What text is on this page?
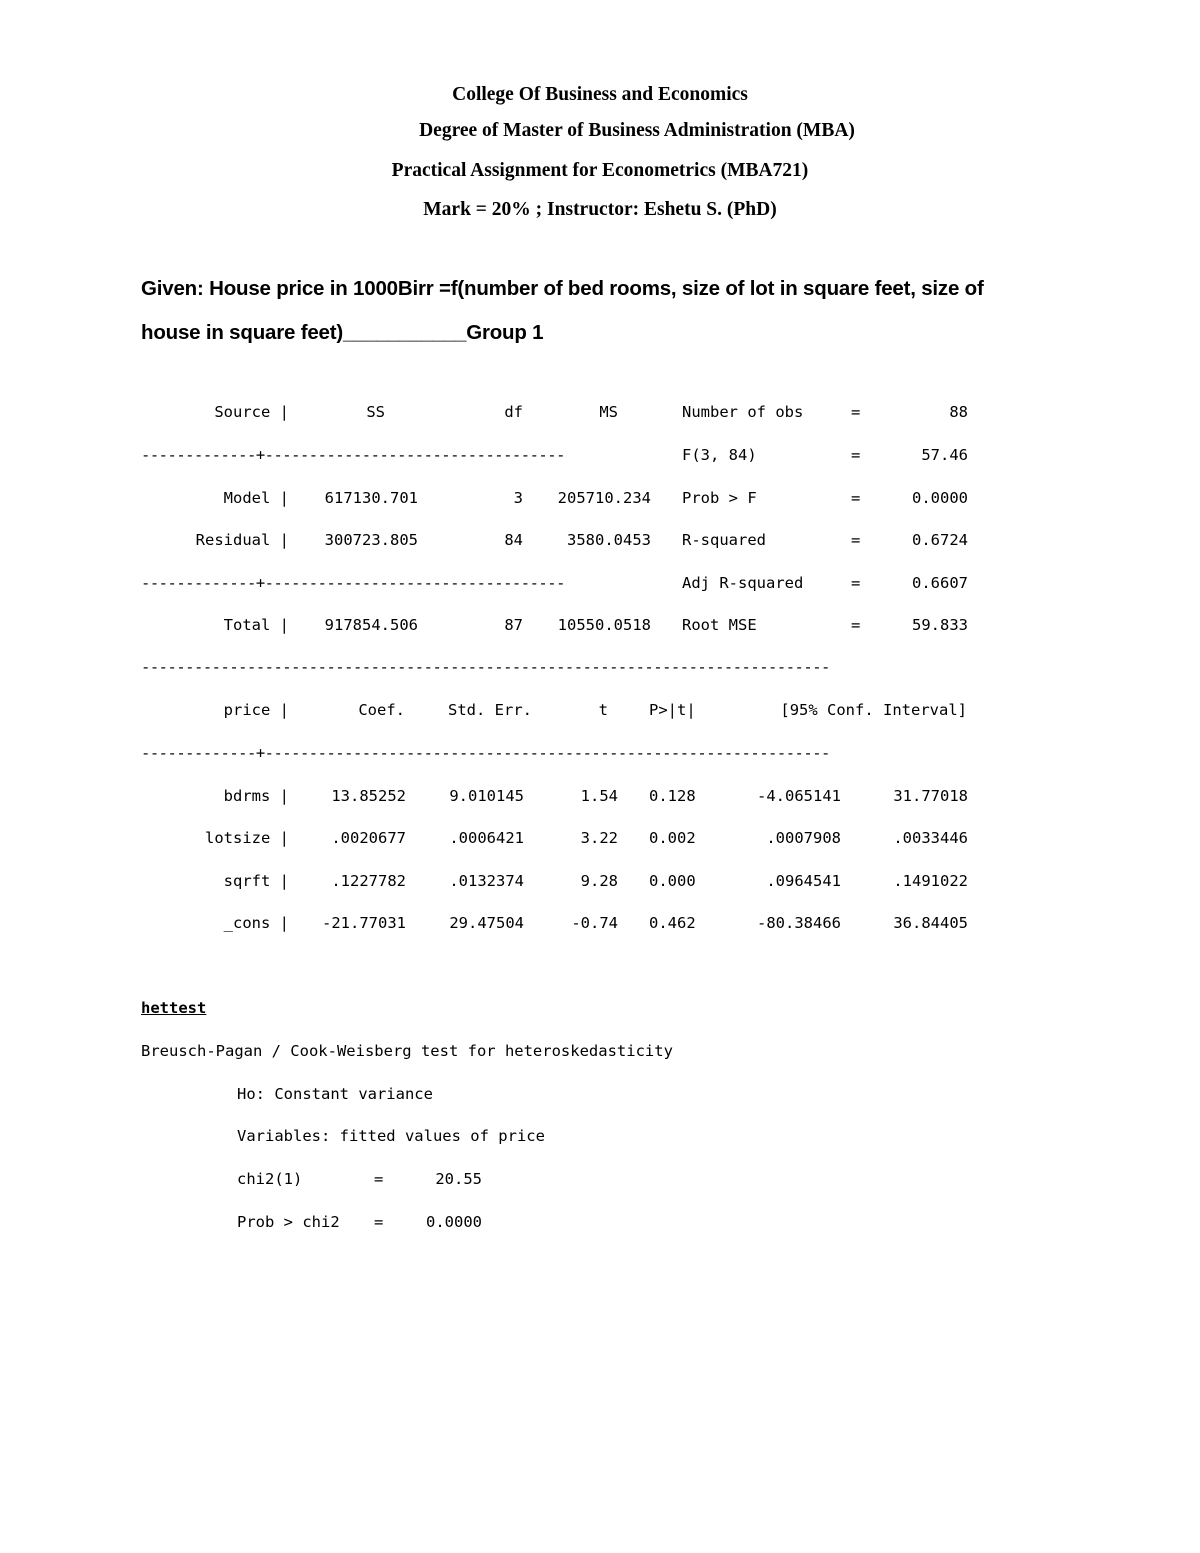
College Of Business and Economics
Degree of Master of Business Administration (MBA)
Practical Assignment for Econometrics (MBA721)
Mark = 20% ; Instructor: Eshetu S. (PhD)
Given: House price in 1000Birr =f(number of bed rooms, size of lot in square feet, size of
house in square feet)___________Group 1
Source |	SS	df	MS	Number of obs	=	88
-------------+----------------------------------	F(3, 84)	=	57.46
Model |	617130.701	3	205710.234 Prob > F	=	0.0000
Residual |	300723.805	84	3580.0453 R-squared	=	0.6724
-------------+----------------------------------	Adj R-squared	=	0.6607
Total |	917854.506	87	10550.0518 Root MSE	=	59.833
------------------------------------------------------------------------------
price |	Coef.	Std. Err.	t	P>|t|	[95% Conf. Interval]
-------------+----------------------------------------------------------------
bdrms |	13.85252	9.010145	1.54 0.128	-4.065141	31.77018
lotsize |	.0020677	.0006421	3.22 0.002	.0007908	.0033446
sqrft |	.1227782	.0132374	9.28 0.000	.0964541	.1491022
_cons |	-21.77031	29.47504	-0.74 0.462	-80.38466	36.84405
hettest
Breusch-Pagan / Cook-Weisberg test for heteroskedasticity
Ho: Constant variance
Variables: fitted values of price
chi2(1)	=	20.55
Prob > chi2 =	0.0000
